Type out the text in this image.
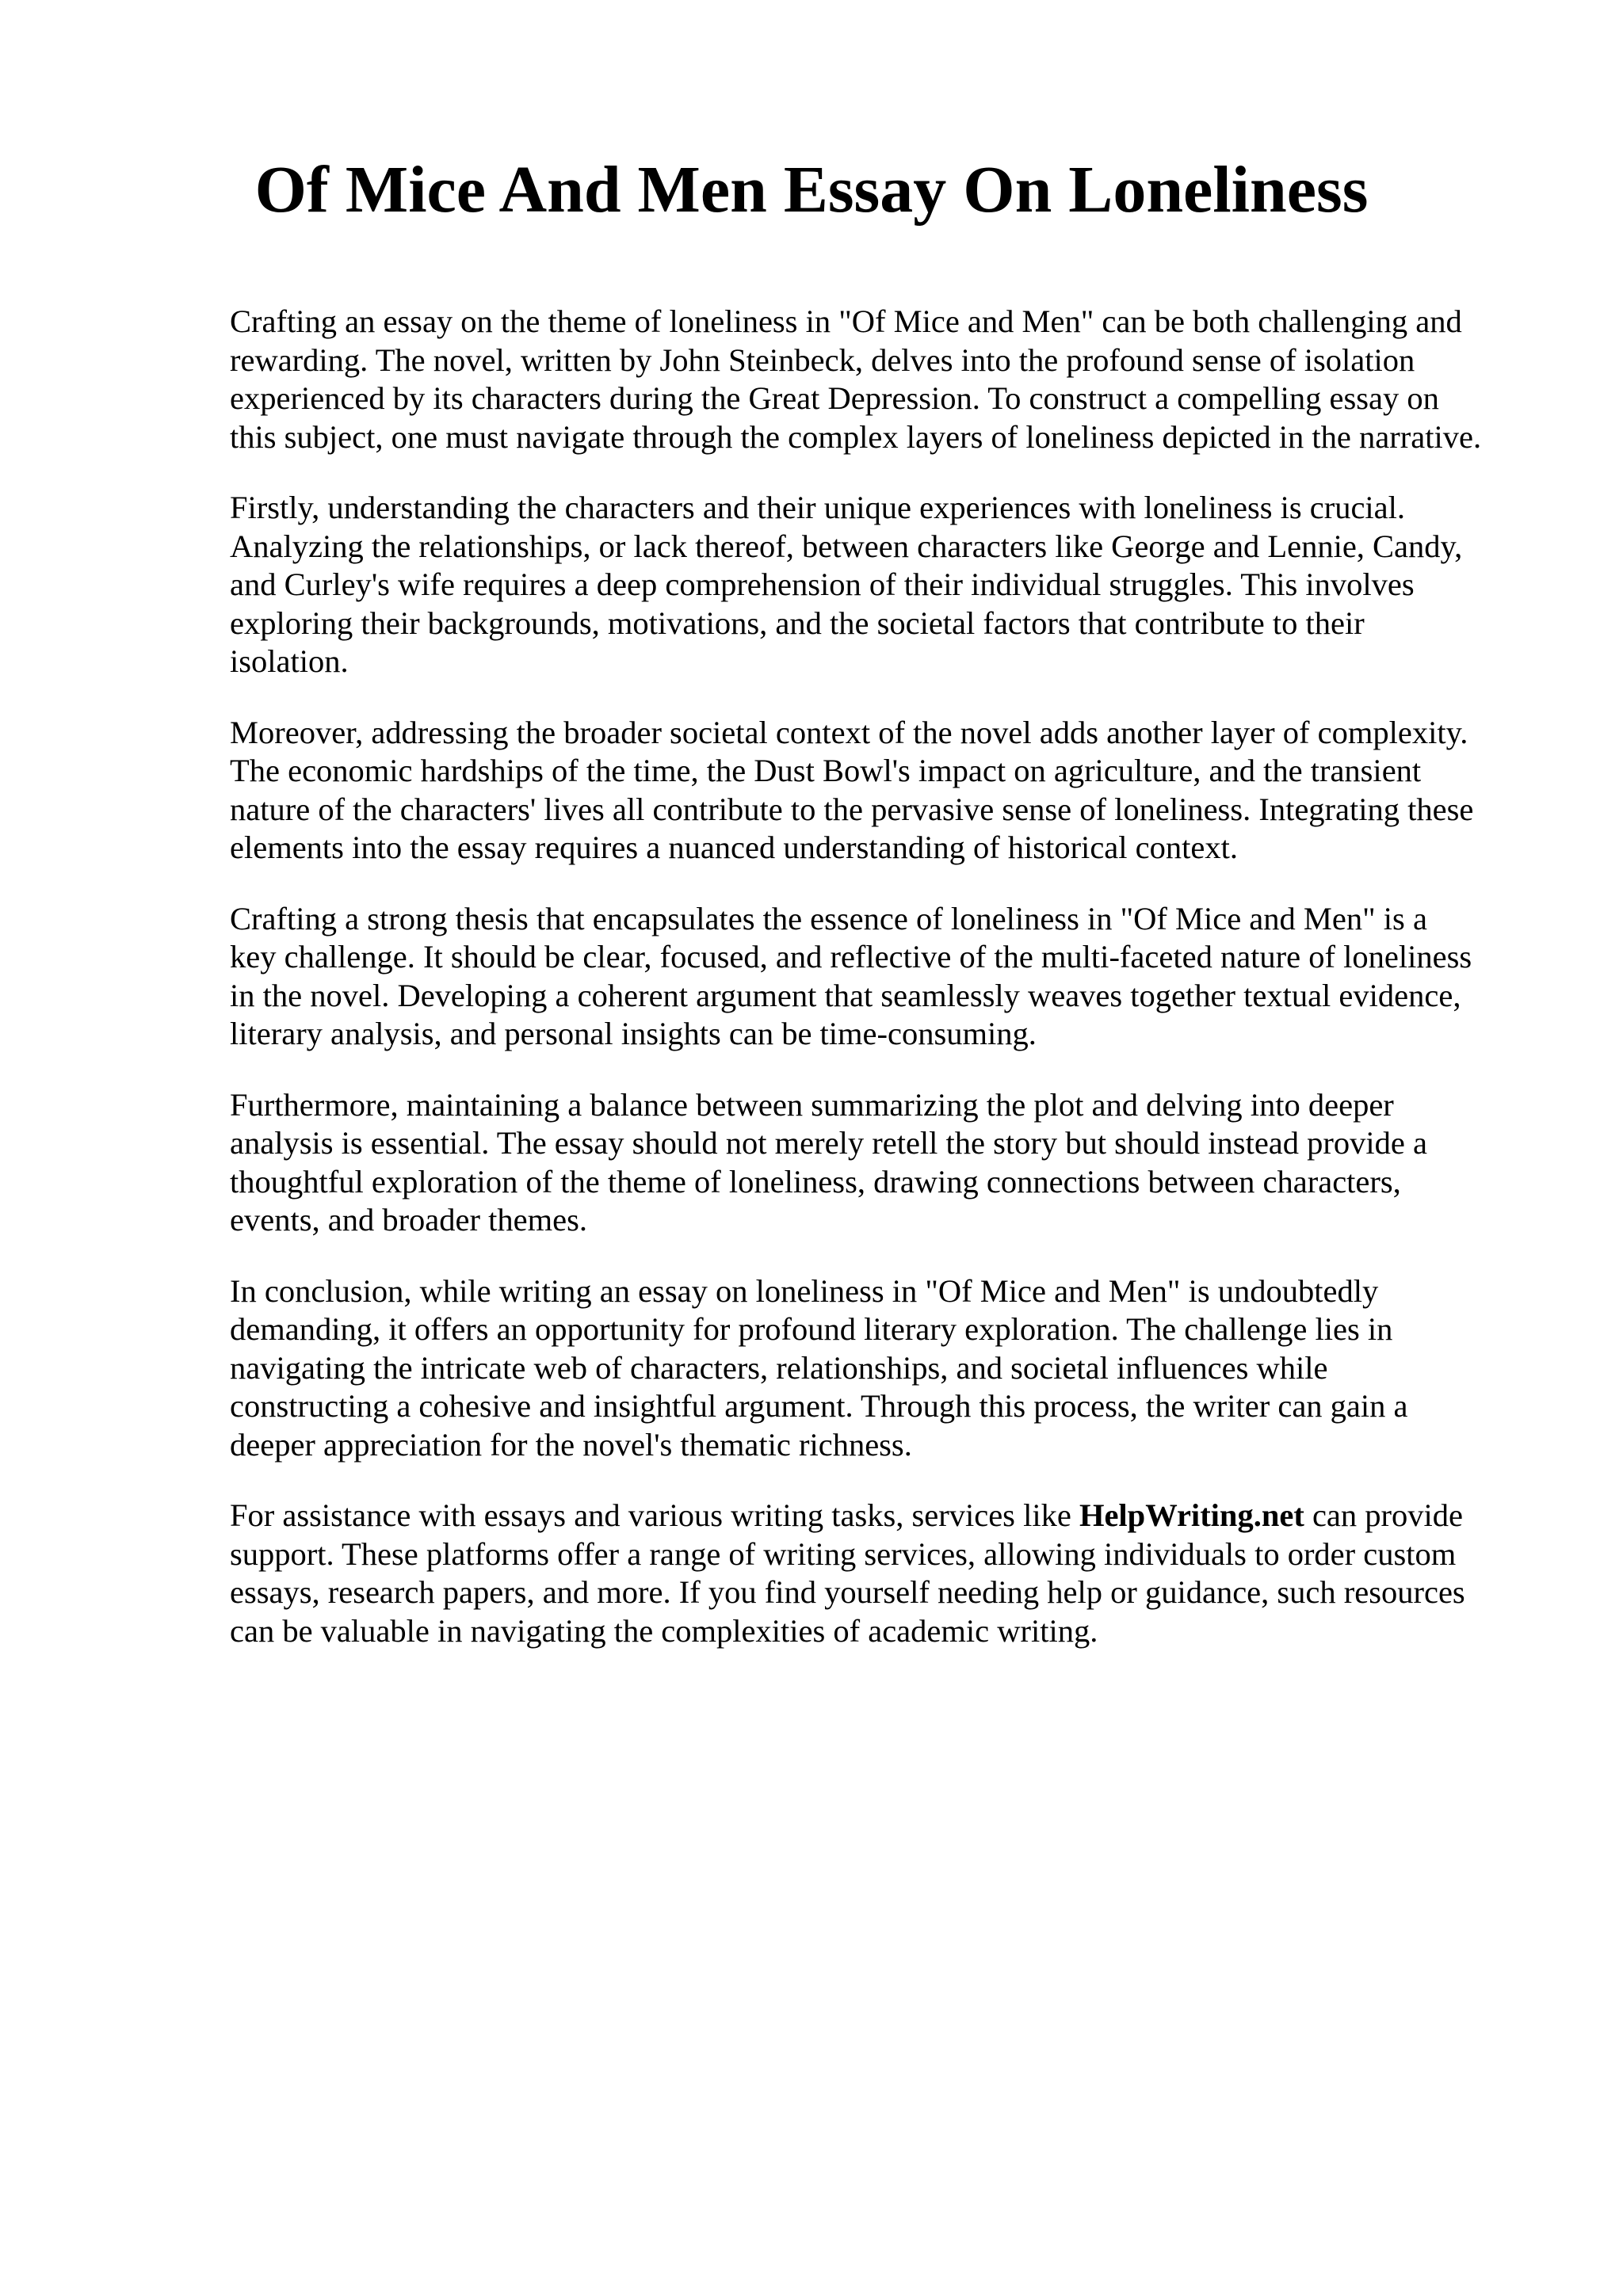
Of Mice And Men Essay On Loneliness

Crafting an essay on the theme of loneliness in "Of Mice and Men" can be both challenging and
rewarding. The novel, written by John Steinbeck, delves into the profound sense of isolation
experienced by its characters during the Great Depression. To construct a compelling essay on
this subject, one must navigate through the complex layers of loneliness depicted in the narrative.

Firstly, understanding the characters and their unique experiences with loneliness is crucial.
Analyzing the relationships, or lack thereof, between characters like George and Lennie, Candy,
and Curley's wife requires a deep comprehension of their individual struggles. This involves
exploring their backgrounds, motivations, and the societal factors that contribute to their
isolation.

Moreover, addressing the broader societal context of the novel adds another layer of complexity.
The economic hardships of the time, the Dust Bowl's impact on agriculture, and the transient
nature of the characters' lives all contribute to the pervasive sense of loneliness. Integrating these
elements into the essay requires a nuanced understanding of historical context.

Crafting a strong thesis that encapsulates the essence of loneliness in "Of Mice and Men" is a
key challenge. It should be clear, focused, and reflective of the multi-faceted nature of loneliness
in the novel. Developing a coherent argument that seamlessly weaves together textual evidence,
literary analysis, and personal insights can be time-consuming.

Furthermore, maintaining a balance between summarizing the plot and delving into deeper
analysis is essential. The essay should not merely retell the story but should instead provide a
thoughtful exploration of the theme of loneliness, drawing connections between characters,
events, and broader themes.

In conclusion, while writing an essay on loneliness in "Of Mice and Men" is undoubtedly
demanding, it offers an opportunity for profound literary exploration. The challenge lies in
navigating the intricate web of characters, relationships, and societal influences while
constructing a cohesive and insightful argument. Through this process, the writer can gain a
deeper appreciation for the novel's thematic richness.

For assistance with essays and various writing tasks, services like HelpWriting.net can provide
support. These platforms offer a range of writing services, allowing individuals to order custom
essays, research papers, and more. If you find yourself needing help or guidance, such resources
can be valuable in navigating the complexities of academic writing.
